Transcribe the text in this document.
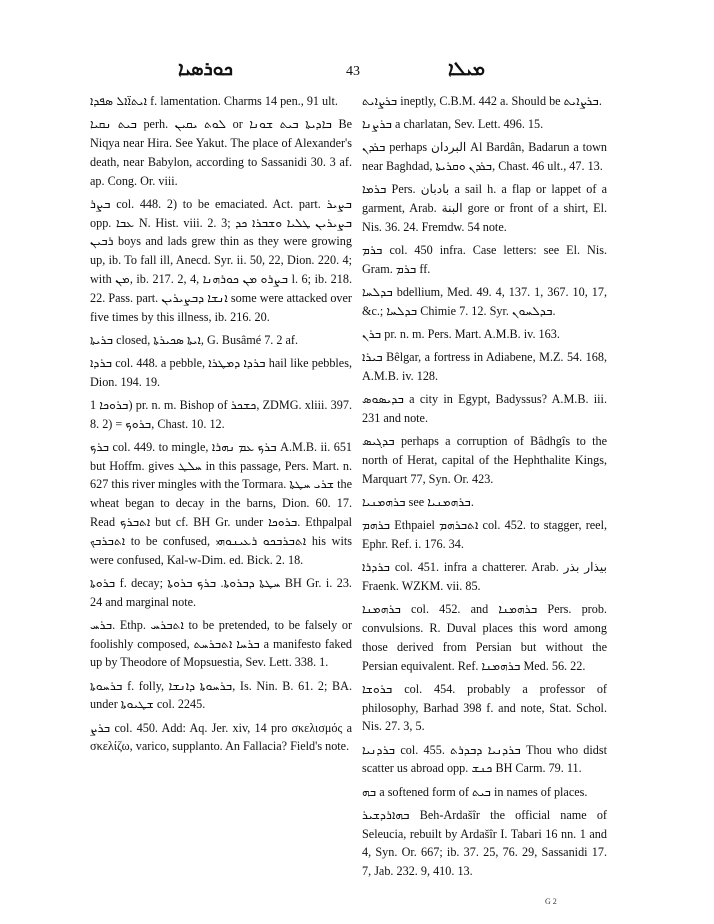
ܟܘܪܣܝܐ	43	ܡܝܠܐ

ܐܝܬܐ̈ܐܠ ܣܦܕܐ f. lamentation. Charms 14 pen., 91 ult.

ܒܝܬ ܢܩܝܐ perh. ܠܘܬ ܝܩܝܢ or ܒܐܕܝܬܐ ܒܝܬ ܫܘܢܐ Be Niqya near Hira. See Yakut. The place of Alexander's death, near Babylon, according to Sassanidi 30. 3 af. ap. Cong. Or. viii.

ܒܨܪ col. 448. 2) to be emaciated. Act. part. ܒܨܝܪ opp. ܥܒܐ N. Hist. viii. 2. 3; ܒܨܝܪܝܢ ܛܠܝܐ ܘܫܒܪܐ ܟܕ ܪܒܝܢ boys and lads grew thin as they were growing up, ib. To fall ill, Anecd. Syr. ii. 50, 22, Dion. 220. 4; with ܡܢ, ib. 217. 2, 4, ܒܨܪܘ ܡܢ ܟܘܪܗܢܐ l. 6; ib. 218. 22. Pass. part. ܐܢܫܐ ܕܒܨܝܪܝܢ some were attacked over five times by this illness, ib. 216. 20.

ܒܪܝܬܐ closed, ܐܝܬܐ ܣܟܝܪܬܐ, G. Busâmé 7. 2 af.

ܒܪܕܐ col. 448. a pebble, ܒܪܕܐ ܕܡܛܪܐ hail like pebbles, Dion. 194. 19.

ܒܪܘܟܐ 1) pr. n. m. Bishop of ܟܫܟܪ, ZDMG. xliii. 397. 8. 2) = ܒܪܘܟ, Chast. 10. 12.

ܒܪܟ col. 449. to mingle, ܒܪܟ ܥܡ ܢܗܪܐ A.M.B. ii. 651 but Hoffm. gives ܚܠܛ in this passage, Pers. Mart. n. 627 this river mingles with the Tormara. ܫܪܝ ܚܛܬܐ the wheat began to decay in the barns, Dion. 60. 17. Read ܐܬܒܪܟ but cf. BH Gr. under ܒܪܘܟܐ. Ethpalpal ܐܬܒܪܒܟ to be confused, ܐܬܒܪܒܟܘ ܪܥܝܢܘܗܝ his wits were confused, Kal-w-Dim. ed. Bick. 2. 18.

ܒܪܘܬܐ f. decay; ܚܛܬܐ ܕܒܪܘܬܐ. ܒܪܟ ܒܪܘܬܐ BH Gr. i. 23. 24 and marginal note.

ܒܪܚ. Ethp. ܐܬܒܪܚ to be pretended, to be falsely or foolishly composed, ܒܪܚܐ ܐܬܒܪܚܬ a manifesto faked up by Theodore of Mopsuestia, Sev. Lett. 338. 1.

ܒܪܚܘܬܐ f. folly, ܒܪܚܘܬܐ ܕܐܢܫܐ, Is. Nin. B. 61. 2; BA. under ܫܛܝܘܬܐ col. 2245.

ܒܪܨ col. 450. Add: Aq. Jer. xiv, 14 pro σκελισμός a σκελίζω, varico, supplanto. An Fallacia? Field's note.

ܒܪܨܐܝܬ ineptly, C.B.M. 442 a. Should be ܒܪܨܐܝܬ.

ܒܪܨܢܐ a charlatan, Sev. Lett. 496. 15.

ܒܪܕܢ perhaps البردان Al Bardân, Badarun a town near Baghdad, ܒܪܕܢ ܘܩܪܝܬܐ, Chast. 46 ult., 47. 13.

ܒܪܡܐ Pers. بادبان a sail h. a flap or lappet of a garment, Arab. البنة gore or front of a shirt, El. Nis. 36. 24. Fremdw. 54 note.

ܒܪܡ col. 450 infra. Case letters: see El. Nis. Gram. ܒܪܡ ff.

ܒܕܠܚܐ bdellium, Med. 49. 4, 137. 1, 367. 10, 17, &c.; ܒܕܠܚܐ Chimie 7. 12. Syr. ܒܕܠܚܘܢ.

ܒܪܢ pr. n. m. Pers. Mart. A.M.B. iv. 163.

ܒܝܪܐ Bêlgar, a fortress in Adiabene, M.Z. 54. 168, A.M.B. iv. 128.

ܒܕܝܣܘܣ a city in Egypt, Badyssus? A.M.B. iii. 231 and note.

ܒܕܓܝܣ perhaps a corruption of Bâdhgîs to the north of Herat, capital of the Hephthalite Kings, Marquart 77, Syn. Or. 423.

ܒܪܗܡܢܝܐ see ܒܪܗܡܢܝܐ.

ܒܪܗܡ Ethpaiel ܐܬܒܪܗܡ col. 452. to stagger, reel, Ephr. Ref. i. 176. 34.

ܒܪܕܪܐ col. 451. infra a chatterer. Arab. بيذار بذر Fraenk. WZKM. vii. 85.

ܒܪܗܡܢܐ col. 452. and ܒܪܗܡܢܐ Pers. prob. convulsions. R. Duval places this word among those derived from Persian but without the Persian equivalent. Ref. ܒܪܗܡܢܐ Med. 56. 22.

ܒܪܘܫܐ col. 454. probably a professor of philosophy, Barhad 398 f. and note, Stat. Schol. Nis. 27. 3, 5.

ܒܪܕܢܝܐ col. 455. ܒܪܕܢܝܐ ܕܒܕܪܬ Thou who didst scatter us abroad opp. ܟܢܫ BH Carm. 79. 11.

ܒܗ a softened form of ܒܝܬ in names of places.

ܒܗܐܪܕܫܝܪ Beh-Ardašîr the official name of Seleucia, rebuilt by Ardašîr I. Tabari 16 nn. 1 and 4, Syn. Or. 667; ib. 37. 25, 76. 29, Sassanidi 17. 7, Jab. 232. 9, 410. 13.

G 2
